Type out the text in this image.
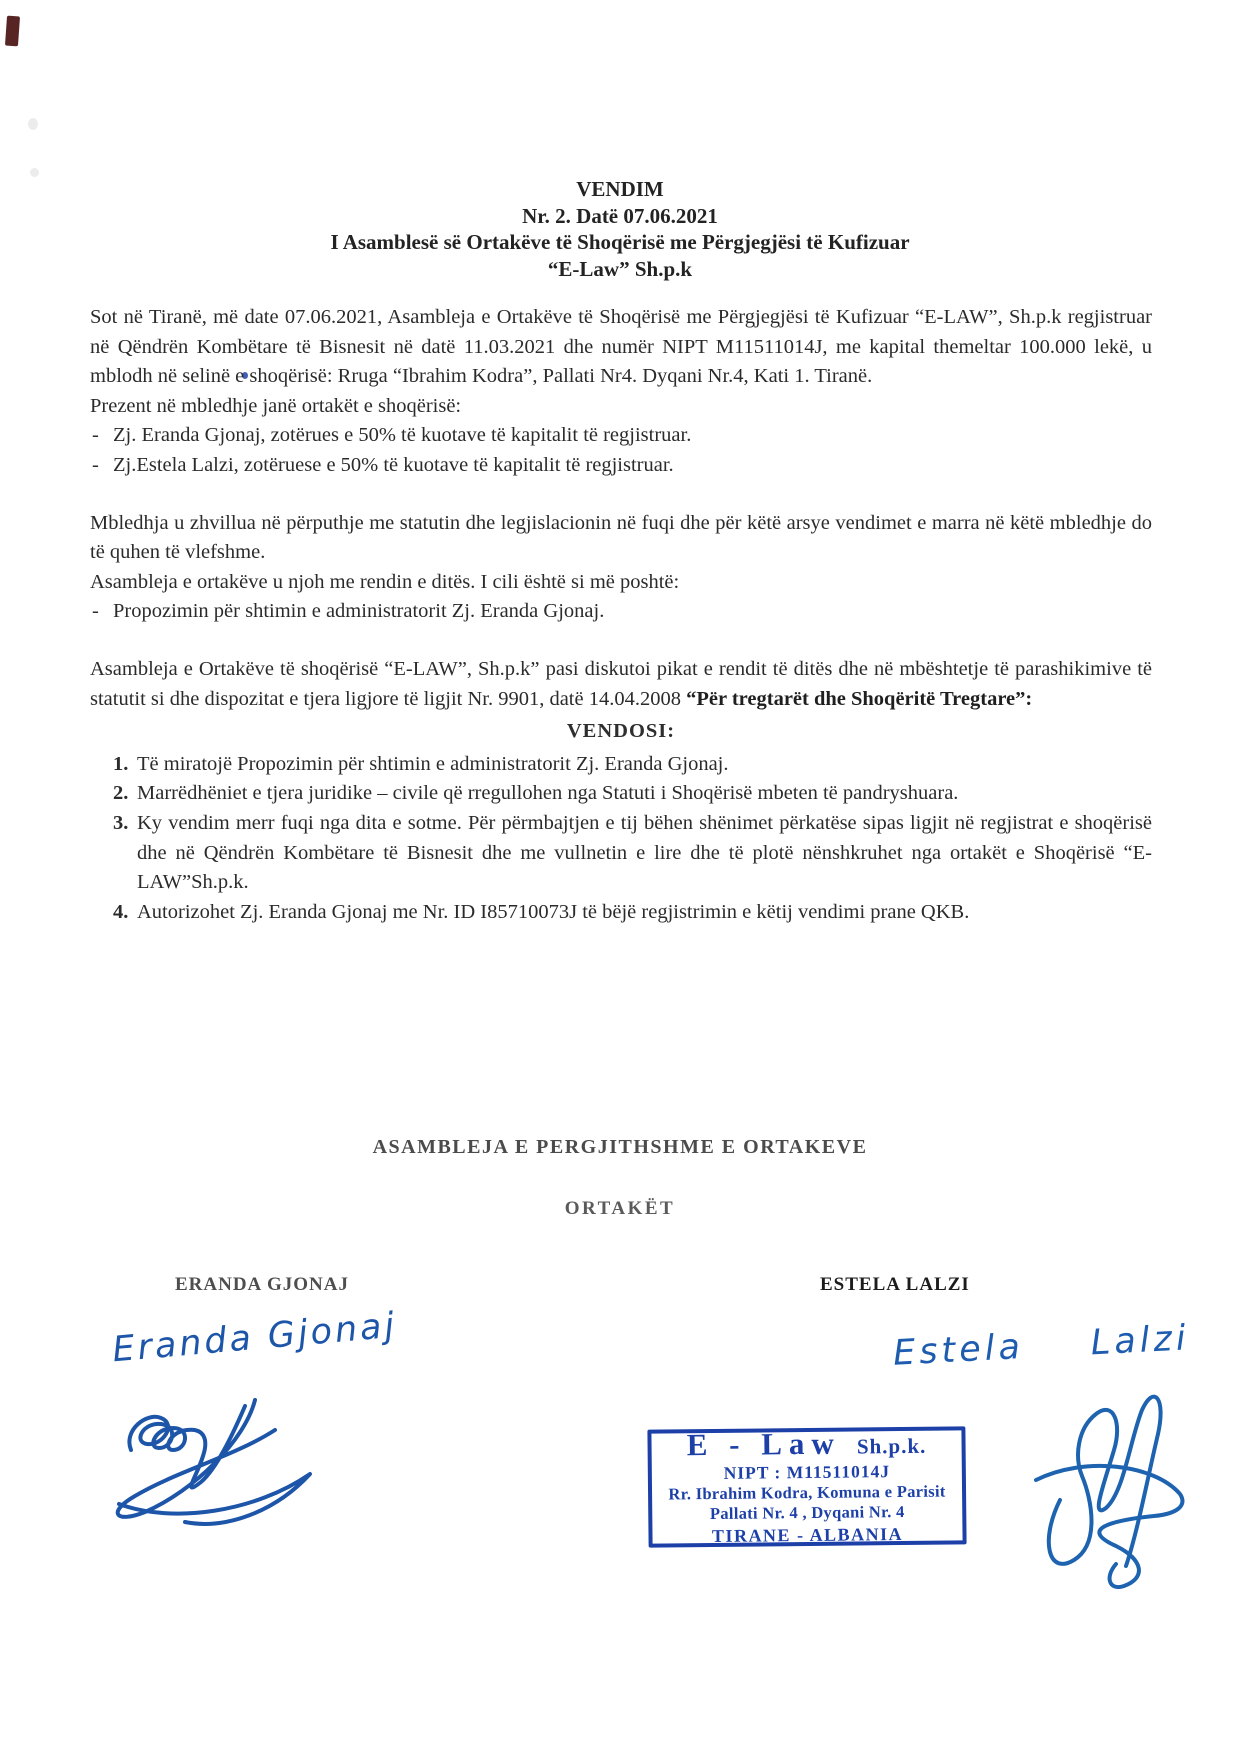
VENDIM
Nr. 2. Datë 07.06.2021
I Asamblesë së Ortakëve të Shoqërisë me Përgjegjësi të Kufizuar
“E-Law” Sh.p.k

Sot në Tiranë, më date 07.06.2021, Asambleja e Ortakëve të Shoqërisë me Përgjegjësi të Kufizuar “E-LAW”, Sh.p.k regjistruar në Qëndrën Kombëtare të Bisnesit në datë 11.03.2021 dhe numër NIPT M11511014J, me kapital themeltar 100.000 lekë, u mblodh në selinë e shoqërisë: Rruga “Ibrahim Kodra”, Pallati Nr4. Dyqani Nr.4, Kati 1. Tiranë.

Prezent në mbledhje janë ortakët e shoqërisë:
- Zj. Eranda Gjonaj, zotërues e 50% të kuotave të kapitalit të regjistruar.
- Zj.Estela Lalzi, zotëruese e 50% të kuotave të kapitalit të regjistruar.

Mbledhja u zhvillua në përputhje me statutin dhe legjislacionin në fuqi dhe për këtë arsye vendimet e marra në këtë mbledhje do të quhen të vlefshme.

Asambleja e ortakëve u njoh me rendin e ditës. I cili është si më poshtë:
- Propozimin për shtimin e administratorit Zj. Eranda Gjonaj.

Asambleja e Ortakëve të shoqërisë “E-LAW”, Sh.p.k” pasi diskutoi pikat e rendit të ditës dhe në mbështetje të parashikimive të statutit si dhe dispozitat e tjera ligjore të ligjit Nr. 9901, datë 14.04.2008 “Për tregtarët dhe Shoqëritë Tregtare”:

VENDOSI:
1. Të miratojë Propozimin për shtimin e administratorit Zj. Eranda Gjonaj.
2. Marrëdhëniet e tjera juridike – civile që rregullohen nga Statuti i Shoqërisë mbeten të pandryshuara.
3. Ky vendim merr fuqi nga dita e sotme. Për përmbajtjen e tij bëhen shënimet përkatëse sipas ligjit në regjistrat e shoqërisë dhe në Qëndrën Kombëtare të Bisnesit dhe me vullnetin e lire dhe të plotë nënshkruhet nga ortakët e Shoqërisë “E-LAW”Sh.p.k.
4. Autorizohet Zj. Eranda Gjonaj me Nr. ID I85710073J të bëjë regjistrimin e këtij vendimi prane QKB.
ASAMBLEJA E PERGJITHSHME E ORTAKEVE
ORTAKËT
ERANDA GJONAJ	ESTELA LALZI
Eranda Gjonaj	Estela Lalzi
E - Law Sh.p.k.
NIPT : M11511014J
Rr. Ibrahim Kodra, Komuna e Parisit
Pallati Nr. 4 , Dyqani Nr. 4
TIRANE - ALBANIA
